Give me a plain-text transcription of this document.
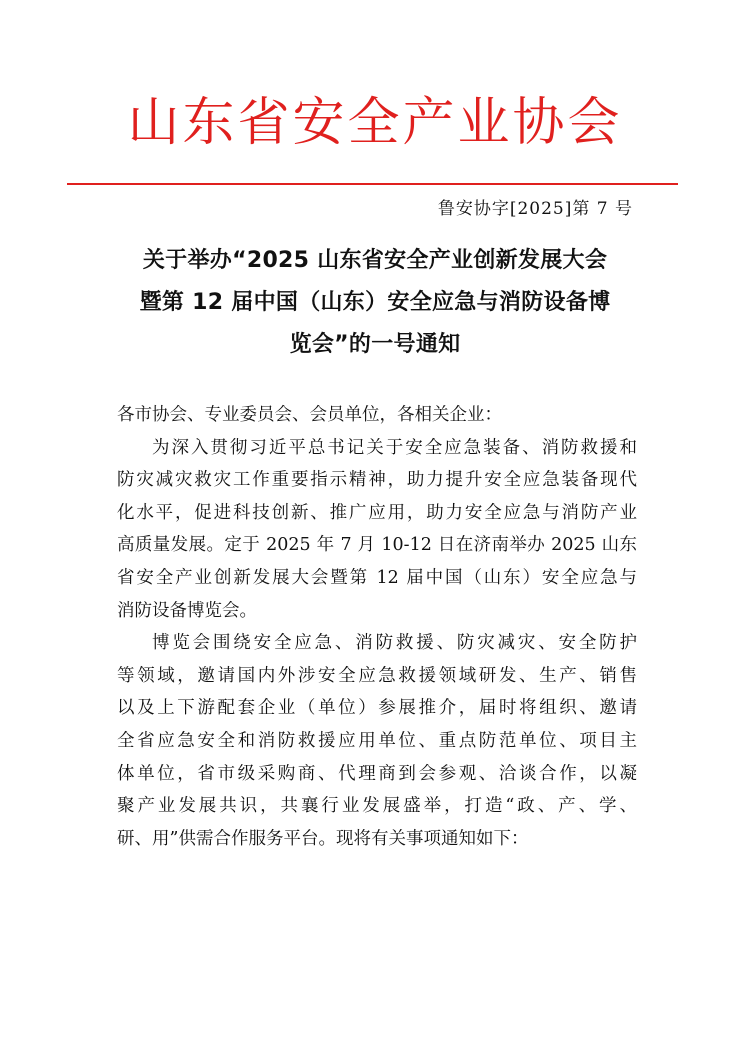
山东省安全产业协会
鲁安协字[2025]第 7 号
关于举办“2025 山东省安全产业创新发展大会
暨第 12 届中国（山东）安全应急与消防设备博
览会”的一号通知
各市协会、专业委员会、会员单位，各相关企业：
为深入贯彻习近平总书记关于安全应急装备、消防救援和
防灾减灾救灾工作重要指示精神，助力提升安全应急装备现代
化水平，促进科技创新、推广应用，助力安全应急与消防产业
高质量发展。定于 2025 年 7 月 10-12 日在济南举办 2025 山东
省安全产业创新发展大会暨第 12 届中国（山东）安全应急与
消防设备博览会。
博览会围绕安全应急、消防救援、防灾减灾、安全防护
等领域，邀请国内外涉安全应急救援领域研发、生产、销售
以及上下游配套企业（单位）参展推介，届时将组织、邀请
全省应急安全和消防救援应用单位、重点防范单位、项目主
体单位，省市级采购商、代理商到会参观、洽谈合作，以凝
聚产业发展共识，共襄行业发展盛举，打造“政、产、学、
研、用”供需合作服务平台。现将有关事项通知如下：
